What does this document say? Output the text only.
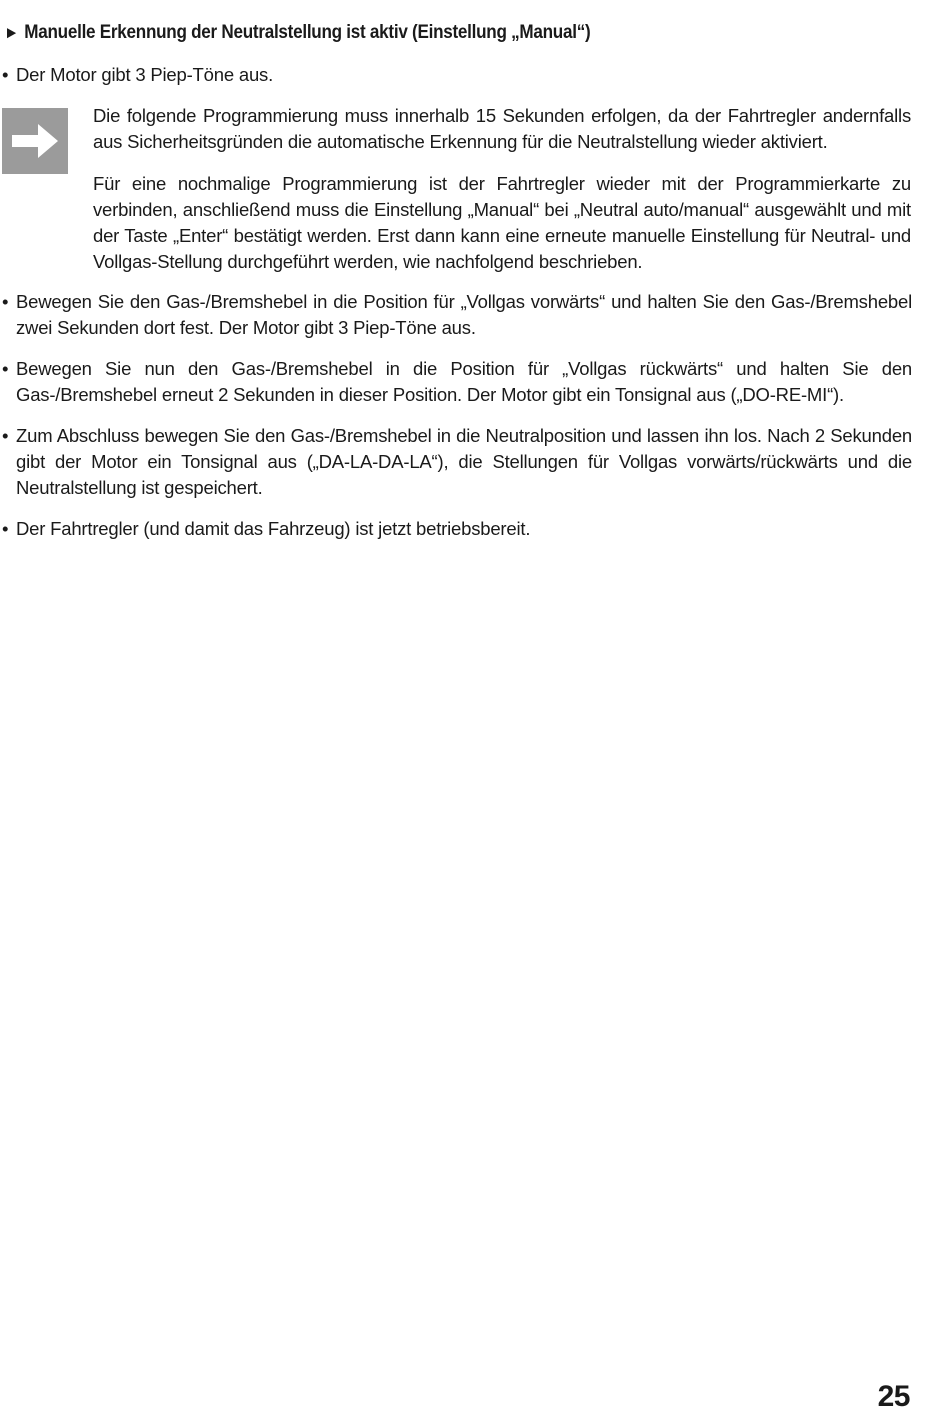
► Manuelle Erkennung der Neutralstellung ist aktiv (Einstellung „Manual“)
• Der Motor gibt 3 Piep-Töne aus.
Die folgende Programmierung muss innerhalb 15 Sekunden erfolgen, da der Fahrtregler andernfalls aus Sicherheitsgründen die automatische Erkennung für die Neutralstellung wieder aktiviert.
Für eine nochmalige Programmierung ist der Fahrtregler wieder mit der Programmierkarte zu verbinden, anschließend muss die Einstellung „Manual“ bei „Neutral auto/manual“ ausgewählt und mit der Taste „Enter“ bestätigt werden. Erst dann kann eine erneute manuelle Einstellung für Neutral- und Vollgas-Stellung durchgeführt werden, wie nachfolgend beschrieben.
• Bewegen Sie den Gas-/Bremshebel in die Position für „Vollgas vorwärts“ und halten Sie den Gas-/Bremshebel zwei Sekunden dort fest. Der Motor gibt 3 Piep-Töne aus.
• Bewegen Sie nun den Gas-/Bremshebel in die Position für „Vollgas rückwärts“ und halten Sie den Gas-/Bremshebel erneut 2 Sekunden in dieser Position. Der Motor gibt ein Tonsignal aus („DO-RE-MI“).
• Zum Abschluss bewegen Sie den Gas-/Bremshebel in die Neutralposition und lassen ihn los. Nach 2 Sekunden gibt der Motor ein Tonsignal aus („DA-LA-DA-LA“), die Stellungen für Vollgas vorwärts/rückwärts und die Neutralstellung ist gespeichert.
• Der Fahrtregler (und damit das Fahrzeug) ist jetzt betriebsbereit.
25
